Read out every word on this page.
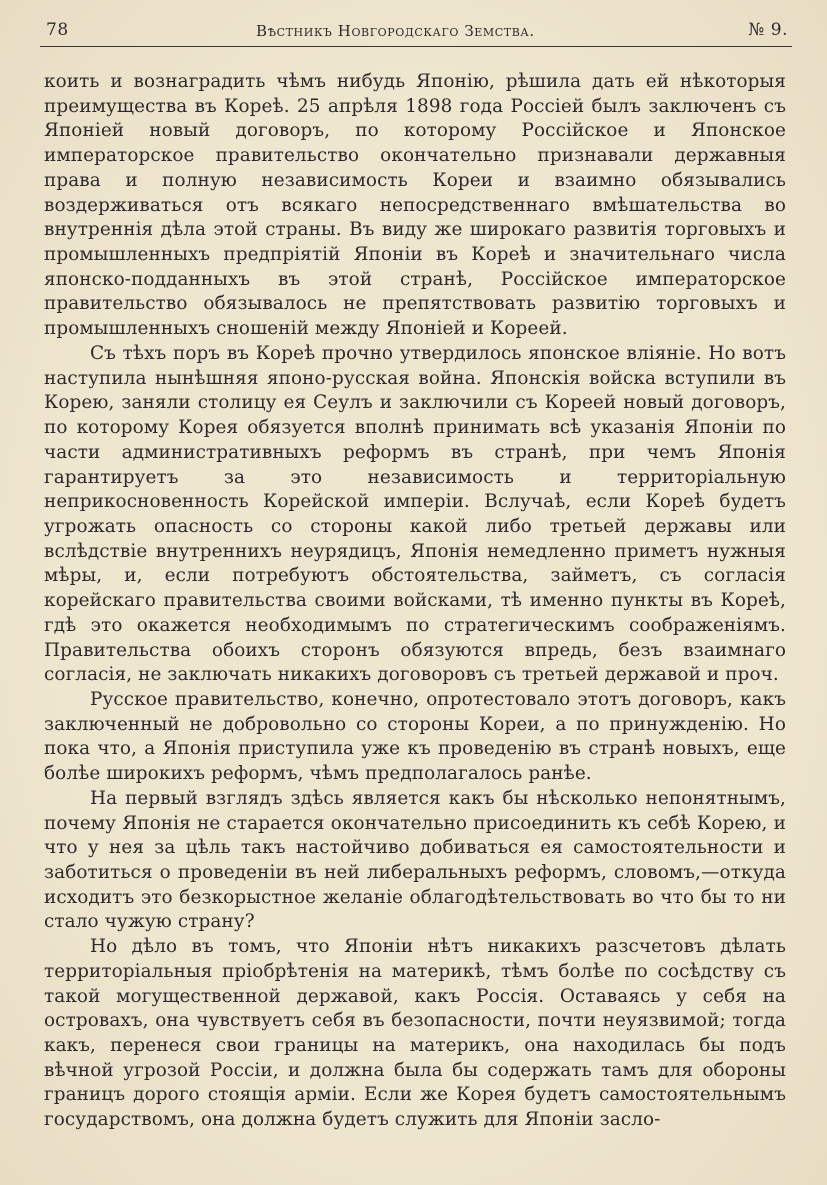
78	Вѣстникъ Новгородскаго Земства.	№ 9.

коить и вознаградить чѣмъ нибудь Японію, рѣшила дать ей нѣкоторыя преимущества въ Кореѣ. 25 апрѣля 1898 года Россіей былъ заключенъ съ Японіей новый договоръ, по которому Россійское и Японское императорское правительство окончательно признавали державныя права и полную независимость Кореи и взаимно обязывались воздерживаться отъ всякаго непосредственнаго вмѣшательства во внутреннія дѣла этой страны. Въ виду же широкаго развитія торговыхъ и промышленныхъ предпріятій Японіи въ Кореѣ и значительнаго числа японско-подданныхъ въ этой странѣ, Россійское императорское правительство обязывалось не препятствовать развитію торговыхъ и промышленныхъ сношеній между Японіей и Кореей.

Съ тѣхъ поръ въ Кореѣ прочно утвердилось японское вліяніе. Но вотъ наступила нынѣшняя японо-русская война. Японскія войска вступили въ Корею, заняли столицу ея Сеулъ и заключили съ Кореей новый договоръ, по которому Корея обязуется вполнѣ принимать всѣ указанія Японіи по части административныхъ реформъ въ странѣ, при чемъ Японія гарантируетъ за это независимость и территоріальную неприкосновенность Корейской имперіи. Вслучаѣ, если Кореѣ будетъ угрожать опасность со стороны какой либо третьей державы или вслѣдствіе внутреннихъ неурядицъ, Японія немедленно приметъ нужныя мѣры, и, если потребуютъ обстоятельства, займетъ, съ согласія корейскаго правительства своими войсками, тѣ именно пункты въ Кореѣ, гдѣ это окажется необходимымъ по стратегическимъ соображеніямъ. Правительства обоихъ сторонъ обязуются впредь, безъ взаимнаго согласія, не заключать никакихъ договоровъ съ третьей державой и проч.

Русское правительство, конечно, опротестовало этотъ договоръ, какъ заключенный не добровольно со стороны Кореи, а по принужденію. Но пока что, а Японія приступила уже къ проведенію въ странѣ новыхъ, еще болѣе широкихъ реформъ, чѣмъ предполагалось ранѣе.

На первый взглядъ здѣсь является какъ бы нѣсколько непонятнымъ, почему Японія не старается окончательно присоединить къ себѣ Корею, и что у нея за цѣль такъ настойчиво добиваться ея самостоятельности и заботиться о проведеніи въ ней либеральныхъ реформъ, словомъ,—откуда исходитъ это безкорыстное желаніе облагодѣтельствовать во что бы то ни стало чужую страну?

Но дѣло въ томъ, что Японіи нѣтъ никакихъ разсчетовъ дѣлать территоріальныя пріобрѣтенія на материкѣ, тѣмъ болѣе по сосѣдству съ такой могущественной державой, какъ Россія. Оставаясь у себя на островахъ, она чувствуетъ себя въ безопасности, почти неуязвимой; тогда какъ, перенеся свои границы на материкъ, она находилась бы подъ вѣчной угрозой Россіи, и должна была бы содержать тамъ для обороны границъ дорого стоящія арміи. Если же Корея будетъ самостоятельнымъ государствомъ, она должна будетъ служить для Японіи засло-
